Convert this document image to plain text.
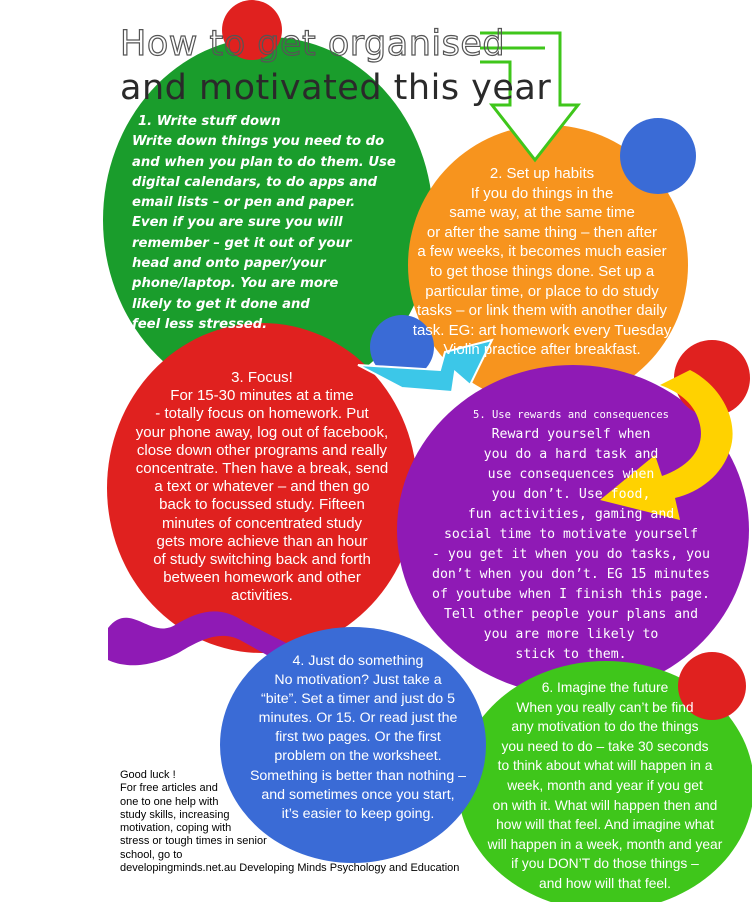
How to get organised
and motivated this year
1. Write stuff down
Write down things you need to do
and when you plan to do them. Use
digital calendars, to do apps and
email lists – or pen and paper.
Even if you are sure you will
remember – get it out of your
head and onto paper/your
phone/laptop. You are more
likely to get it done and
feel less stressed.
2. Set up habits
If you do things in the
same way, at the same time
or after the same thing – then after
a few weeks, it becomes much easier
to get those things done. Set up a
particular time, or place to do study
tasks – or link them with another daily
task. EG: art homework every Tuesday
Violin practice after breakfast.
3. Focus!
For 15-30 minutes at a time
- totally focus on homework. Put
your phone away, log out of facebook,
close down other programs and really
concentrate. Then have a break, send
a text or whatever – and then go
back to focussed study. Fifteen
minutes of concentrated study
gets more achieve than an hour
of study switching back and forth
between homework and other
activities.
5. Use rewards and consequences
Reward yourself when
you do a hard task and
use consequences when
you don’t. Use food,
fun activities, gaming and
social time to motivate yourself
- you get it when you do tasks, you
don’t when you don’t. EG 15 minutes
of youtube when I finish this page.
Tell other people your plans and
you are more likely to
stick to them.
4. Just do something
No motivation? Just take a
“bite”. Set a timer and just do 5
minutes. Or 15. Or read just the
first two pages. Or the first
problem on the worksheet.
Something is better than nothing –
and sometimes once you start,
it’s easier to keep going.
6. Imagine the future
When you really can’t be find
any motivation to do the things
you need to do – take 30 seconds
to think about what will happen in a
week, month and year if you get
on with it. What will happen then and
how will that feel. And imagine what
will happen in a week, month and year
if you DON’T do those things –
and how will that feel.
Good luck !
For free articles and
one to one help with
study skills, increasing
motivation, coping with
stress or tough times in senior
school, go to
developingminds.net.au Developing Minds Psychology and Education
